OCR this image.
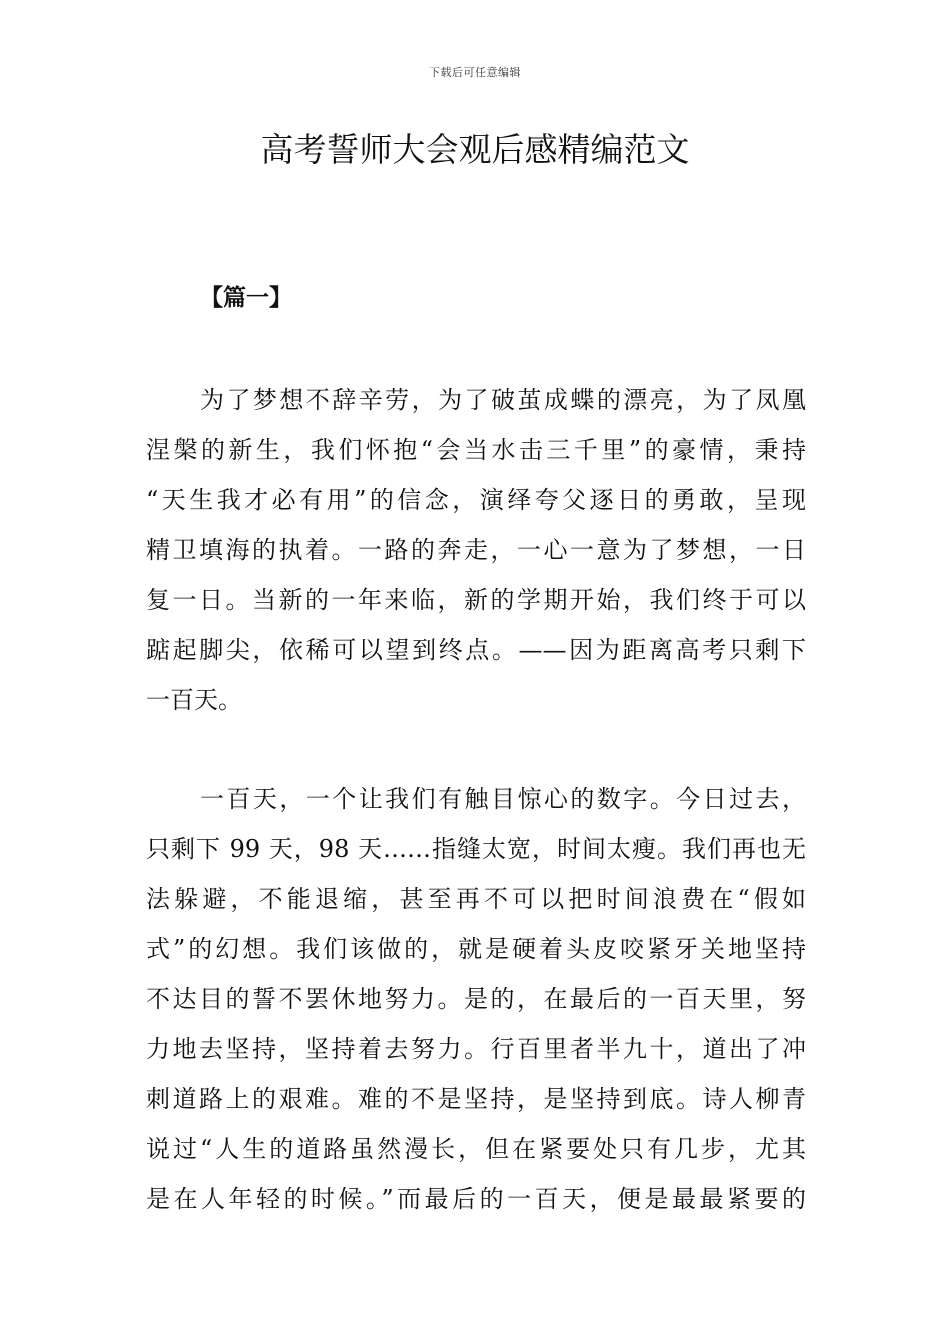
下载后可任意编辑
高考誓师大会观后感精编范文
【篇一】
为了梦想不辞辛劳，为了破茧成蝶的漂亮，为了凤凰
涅槃的新生，我们怀抱“会当水击三千里”的豪情，秉持
“天生我才必有用”的信念，演绎夸父逐日的勇敢，呈现
精卫填海的执着。一路的奔走，一心一意为了梦想，一日
复一日。当新的一年来临，新的学期开始，我们终于可以
踮起脚尖，依稀可以望到终点。——因为距离高考只剩下
一百天。
一百天，一个让我们有触目惊心的数字。今日过去，
只剩下 99 天，98 天……指缝太宽，时间太瘦。我们再也无
法躲避，不能退缩，甚至再不可以把时间浪费在“假如
式”的幻想。我们该做的，就是硬着头皮咬紧牙关地坚持
不达目的誓不罢休地努力。是的，在最后的一百天里，努
力地去坚持，坚持着去努力。行百里者半九十，道出了冲
刺道路上的艰难。难的不是坚持，是坚持到底。诗人柳青
说过“人生的道路虽然漫长，但在紧要处只有几步，尤其
是在人年轻的时候。”而最后的一百天，便是最最紧要的
